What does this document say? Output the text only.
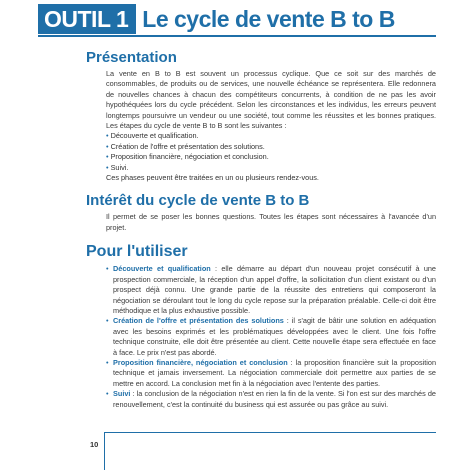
OUTIL 1 Le cycle de vente B to B
Présentation

La vente en B to B est souvent un processus cyclique. Que ce soit sur des marchés de consommables, de produits ou de services, une nouvelle échéance se représentera. Elle redonnera de nouvelles chances à chacun des compétiteurs concurrents, à condition de ne pas les avoir hypothéquées lors du cycle précédent. Selon les circonstances et les individus, les erreurs peuvent longtemps poursuivre un vendeur ou une société, tout comme les réussites et les bonnes pratiques. Les étapes du cycle de vente B to B sont les suivantes :

• Découverte et qualification.
• Création de l'offre et présentation des solutions.
• Proposition financière, négociation et conclusion.
• Suivi.

Ces phases peuvent être traitées en un ou plusieurs rendez-vous.

Intérêt du cycle de vente B to B

Il permet de se poser les bonnes questions. Toutes les étapes sont nécessaires à l'avancée d'un projet.

Pour l'utiliser
• Découverte et qualification : elle démarre au départ d'un nouveau projet consécutif à une prospection commerciale, la réception d'un appel d'offre, la sollicitation d'un client existant ou d'un prospect déjà connu. Une grande partie de la réussite des entretiens qui composeront la négociation se déroulant tout le long du cycle repose sur la préparation préalable. Celle-ci doit être méthodique et la plus exhaustive possible.
• Création de l'offre et présentation des solutions : il s'agit de bâtir une solution en adéquation avec les besoins exprimés et les problématiques développées avec le client. Une fois l'offre technique construite, elle doit être présentée au client. Cette nouvelle étape sera effectuée en face à face. Le prix n'est pas abordé.
• Proposition financière, négociation et conclusion : la proposition financière suit la proposition technique et jamais inversement. La négociation commerciale doit permettre aux parties de se mettre en accord. La conclusion met fin à la négociation avec l'entente des parties.
• Suivi : la conclusion de la négociation n'est en rien la fin de la vente. Si l'on est sur des marchés de renouvellement, c'est la continuité du business qui est assurée ou pas grâce au suivi.
10
